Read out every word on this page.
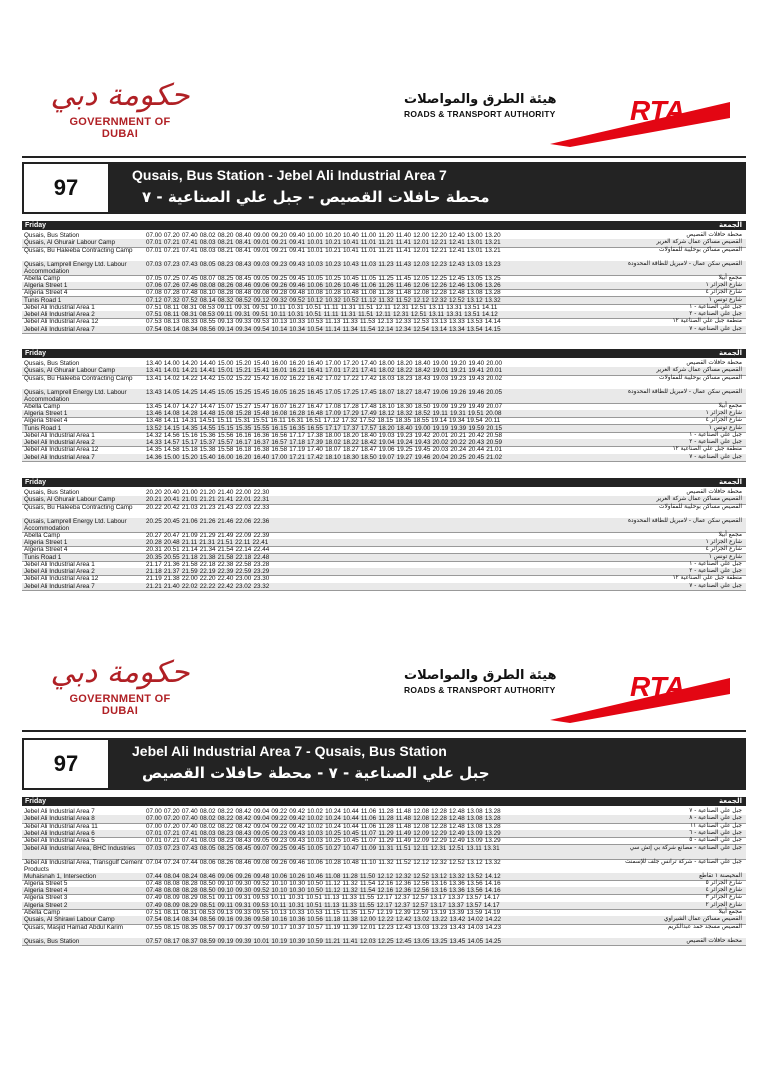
حكومة دبي
GOVERNMENT OF DUBAI
هيئة الطرق والمواصلات
ROADS & TRANSPORT AUTHORITY	RTA
97	Qusais, Bus Station - Jebel Ali Industrial Area 7
محطة حافلات القصيص - جبل علي الصناعية - ٧
Friday	الجمعة
Qusais, Bus Station	07.00 07.20 07.40 08.02 08.20 08.40 09.00 09.20 09.40 10.00 10.20 10.40 11.00 11.20 11.40 12.00 12.20 12.40 13.00 13.20	محطة حافلات القصيص
Qusais, Al Ghurair Labour Camp	07.01 07.21 07.41 08.03 08.21 08.41 09.01 09.21 09.41 10.01 10.21 10.41 11.01 11.21 11.41 12.01 12.21 12.41 13.01 13.21	القصيص مساكن عمال شركة الغرير
Qusais, Bu Haleeba Contracting Camp	07.01 07.21 07.41 08.03 08.21 08.41 09.01 09.21 09.41 10.01 10.21 10.41 11.01 11.21 11.41 12.01 12.21 12.41 13.01 13.21	القصيص مساكن بوحليبة للمقاولات
Qusais, Lamprell Energy Ltd. Labour Accommodation
07.03 07.23 07.43 08.05 08.23 08.43 09.03 09.23 09.43 10.03 10.23 10.43 11.03 11.23 11.43 12.03 12.23 12.43 13.03 13.23	القصيص سكن عمال - لامبريل للطاقة المحدودة
Abella Camp	07.05 07.25 07.45 08.07 08.25 08.45 09.05 09.25 09.45 10.05 10.25 10.45 11.05 11.25 11.45 12.05 12.25 12.45 13.05 13.25	مجمع أبيلا
Algeria Street 1	07.06 07.26 07.46 08.08 08.26 08.46 09.06 09.26 09.46 10.06 10.26 10.46 11.06 11.26 11.46 12.06 12.26 12.46 13.06 13.26	شارع الجزائر ١
Algeria Street 4	07.08 07.28 07.48 08.10 08.28 08.48 09.08 09.28 09.48 10.08 10.28 10.48 11.08 11.28 11.48 12.08 12.28 12.48 13.08 13.28	شارع الجزائر ٤
Tunis Road 1	07.12 07.32 07.52 08.14 08.32 08.52 09.12 09.32 09.52 10.12 10.32 10.52 11.12 11.32 11.52 12.12 12.32 12.52 13.12 13.32	شارع تونس ١
Jebel Ali Industrial Area 1	07.51 08.11 08.31 08.53 09.11 09.31 09.51 10.11 10.31 10.51 11.11 11.31 11.51 12.11 12.31 12.51 13.11 13.31 13.51 14.11	جبل علي الصناعية - ١
Jebel Ali Industrial Area 2	07.51 08.11 08.31 08.53 09.11 09.31 09.51 10.11 10.31 10.51 11.11 11.31 11.51 12.11 12.31 12.51 13.11 13.31 13.51 14.12	جبل علي الصناعية - ٢
Jebel Ali Industrial Area 12	07.53 08.13 08.33 08.55 09.13 09.33 09.53 10.13 10.33 10.53 11.13 11.33 11.53 12.13 12.33 12.53 13.13 13.33 13.53 14.14	منطقة جبل علي الصناعية ١٢
Jebel Ali Industrial Area 7	07.54 08.14 08.34 08.56 09.14 09.34 09.54 10.14 10.34 10.54 11.14 11.34 11.54 12.14 12.34 12.54 13.14 13.34 13.54 14.15	جبل علي الصناعية - ٧
Friday	الجمعة
Qusais, Bus Station	13.40 14.00 14.20 14.40 15.00 15.20 15.40 16.00 16.20 16.40 17.00 17.20 17.40 18.00 18.20 18.40 19.00 19.20 19.40 20.00	محطة حافلات القصيص
Qusais, Al Ghurair Labour Camp	13.41 14.01 14.21 14.41 15.01 15.21 15.41 16.01 16.21 16.41 17.01 17.21 17.41 18.02 18.22 18.42 19.01 19.21 19.41 20.01	القصيص مساكن عمال شركة الغرير
Qusais, Bu Haleeba Contracting Camp	13.41 14.02 14.22 14.42 15.02 15.22 15.42 16.02 16.22 16.42 17.02 17.22 17.42 18.03 18.23 18.43 19.03 19.23 19.43 20.02	القصيص مساكن بوحليبة للمقاولات
Qusais, Lamprell Energy Ltd. Labour Accommodation
13.43 14.05 14.25 14.45 15.05 15.25 15.45 16.05 16.25 16.45 17.05 17.25 17.45 18.07 18.27 18.47 19.06 19.26 19.46 20.05	القصيص سكن عمال - لامبريل للطاقة المحدودة
Abella Camp	13.45 14.07 14.27 14.47 15.07 15.27 15.47 16.07 16.27 16.47 17.08 17.28 17.48 18.10 18.30 18.50 19.09 19.29 19.49 20.07	مجمع أبيلا
Algeria Street 1	13.46 14.08 14.28 14.48 15.08 15.28 15.48 16.08 16.28 16.48 17.09 17.29 17.49 18.12 18.32 18.52 19.11 19.31 19.51 20.08	شارع الجزائر ١
Algeria Street 4	13.48 14.11 14.31 14.51 15.11 15.31 15.51 16.11 16.31 16.51 17.12 17.32 17.52 18.15 18.35 18.55 19.14 19.34 19.54 20.11	شارع الجزائر ٤
Tunis Road 1	13.52 14.15 14.35 14.55 15.15 15.35 15.55 16.15 16.35 16.55 17.17 17.37 17.57 18.20 18.40 19.00 19.19 19.39 19.59 20.15	شارع تونس ١
Jebel Ali Industrial Area 1	14.32 14.56 15.16 15.36 15.56 16.16 16.36 16.56 17.17 17.38 18.00 18.20 18.40 19.03 19.23 19.42 20.01 20.21 20.42 20.58	جبل علي الصناعية - ١
Jebel Ali Industrial Area 2	14.33 14.57 15.17 15.37 15.57 16.17 16.37 16.57 17.18 17.39 18.02 18.22 18.42 19.04 19.24 19.43 20.02 20.22 20.43 20.59	جبل علي الصناعية - ٢
Jebel Ali Industrial Area 12	14.35 14.58 15.18 15.38 15.58 16.18 16.38 16.58 17.19 17.40 18.07 18.27 18.47 19.06 19.25 19.45 20.03 20.24 20.44 21.01	منطقة جبل علي الصناعية ١٢
Jebel Ali Industrial Area 7	14.36 15.00 15.20 15.40 16.00 16.20 16.40 17.00 17.21 17.42 18.10 18.30 18.50 19.07 19.27 19.46 20.04 20.25 20.45 21.02	جبل علي الصناعية - ٧
Friday	الجمعة
Qusais, Bus Station	20.20 20.40 21.00 21.20 21.40 22.00 22.30	محطة حافلات القصيص
Qusais, Al Ghurair Labour Camp	20.21 20.41 21.01 21.21 21.41 22.01 22.31	القصيص مساكن عمال شركة الغرير
Qusais, Bu Haleeba Contracting Camp	20.22 20.42 21.03 21.23 21.43 22.03 22.33	القصيص مساكن بوحليبة للمقاولات
Qusais, Lamprell Energy Ltd. Labour Accommodation
20.25 20.45 21.06 21.26 21.46 22.06 22.36	القصيص سكن عمال - لامبريل للطاقة المحدودة
Abella Camp	20.27 20.47 21.09 21.29 21.49 22.09 22.39	مجمع أبيلا
Algeria Street 1	20.28 20.48 21.11 21.31 21.51 22.11 22.41	شارع الجزائر ١
Algeria Street 4	20.31 20.51 21.14 21.34 21.54 22.14 22.44	شارع الجزائر ٤
Tunis Road 1	20.35 20.55 21.18 21.38 21.58 22.18 22.48	شارع تونس ١
Jebel Ali Industrial Area 1	21.17 21.36 21.58 22.18 22.38 22.58 23.28	جبل علي الصناعية - ١
Jebel Ali Industrial Area 2	21.18 21.37 21.59 22.19 22.39 22.59 23.29	جبل علي الصناعية - ٢
Jebel Ali Industrial Area 12	21.19 21.38 22.00 22.20 22.40 23.00 23.30	منطقة جبل علي الصناعية ١٢
Jebel Ali Industrial Area 7	21.21 21.40 22.02 22.22 22.42 23.02 23.32	جبل علي الصناعية - ٧
حكومة دبي
GOVERNMENT OF DUBAI
هيئة الطرق والمواصلات
ROADS & TRANSPORT AUTHORITY	RTA
97	Jebel Ali Industrial Area 7 - Qusais, Bus Station
جبل علي الصناعية - ٧ - محطة حافلات القصيص
Friday	الجمعة
Jebel Ali Industrial Area 7	07.00 07.20 07.40 08.02 08.22 08.42 09.04 09.22 09.42 10.02 10.24 10.44 11.06 11.28 11.48 12.08 12.28 12.48 13.08 13.28	جبل علي الصناعية - ٧
Jebel Ali Industrial Area 8	07.00 07.20 07.40 08.02 08.22 08.42 09.04 09.22 09.42 10.02 10.24 10.44 11.06 11.28 11.48 12.08 12.28 12.48 13.08 13.28	جبل علي الصناعية - ٨
Jebel Ali Industrial Area 11	07.00 07.20 07.40 08.02 08.22 08.42 09.04 09.22 09.42 10.02 10.24 10.44 11.06 11.28 11.48 12.08 12.28 12.48 13.08 13.28	جبل علي الصناعية ١١
Jebel Ali Industrial Area 6	07.01 07.21 07.41 08.03 08.23 08.43 09.05 09.23 09.43 10.03 10.25 10.45 11.07 11.29 11.49 12.09 12.29 12.49 13.09 13.29	جبل علي الصناعية - ٦
Jebel Ali Industrial Area 5	07.01 07.21 07.41 08.03 08.23 08.43 09.05 09.23 09.43 10.03 10.25 10.45 11.07 11.29 11.49 12.09 12.29 12.49 13.09 13.29	جبل علي الصناعية - ٥
Jebel Ali Industrial Area, BHC Industries	07.03 07.23 07.43 08.05 08.25 08.45 09.07 09.25 09.45 10.05 10.27 10.47 11.09 11.31 11.51 12.11 12.31 12.51 13.11 13.31	جبل علي الصناعية - مصانع شركة بي إتش سي
Jebel Ali Industrial Area, Transgulf Cement Products
07.04 07.24 07.44 08.06 08.26 08.46 09.08 09.26 09.46 10.06 10.28 10.48 11.10 11.32 11.52 12.12 12.32 12.52 13.12 13.32	جبل علي الصناعية - شركة ترانس جلف للإسمنت
Muhaisnah 1, Intersection	07.44 08.04 08.24 08.46 09.06 09.26 09.48 10.06 10.26 10.46 11.08 11.28 11.50 12.12 12.32 12.52 13.12 13.32 13.52 14.12	المحيصنة ١ تقاطع
Algeria Street 5	07.48 08.08 08.28 08.50 09.10 09.30 09.52 10.10 10.30 10.50 11.12 11.32 11.54 12.16 12.36 12.56 13.16 13.36 13.56 14.16	شارع الجزائر ٥
Algeria Street 4	07.48 08.08 08.28 08.50 09.10 09.30 09.52 10.10 10.30 10.50 11.12 11.32 11.54 12.16 12.36 12.56 13.16 13.36 13.56 14.16	شارع الجزائر ٤
Algeria Street 3	07.49 08.09 08.29 08.51 09.11 09.31 09.53 10.11 10.31 10.51 11.13 11.33 11.55 12.17 12.37 12.57 13.17 13.37 13.57 14.17	شارع الجزائر ٣
Algeria Street 2	07.49 08.09 08.29 08.51 09.11 09.31 09.53 10.11 10.31 10.51 11.13 11.33 11.55 12.17 12.37 12.57 13.17 13.37 13.57 14.17	شارع الجزائر ٢
Abella Camp	07.51 08.11 08.31 08.53 09.13 09.33 09.55 10.13 10.33 10.53 11.15 11.35 11.57 12.19 12.39 12.59 13.19 13.39 13.59 14.19	مجمع أبيلا
Qusais, Al Shirawi Labour Camp	07.54 08.14 08.34 08.56 09.16 09.36 09.58 10.16 10.36 10.56 11.18 11.38 12.00 12.22 12.42 13.02 13.22 13.42 14.02 14.22	القصيص مساكن عمال الشيراوي
Qusais, Masjid Hamad Abdul Karim	07.55 08.15 08.35 08.57 09.17 09.37 09.59 10.17 10.37 10.57 11.19 11.39 12.01 12.23 12.43 13.03 13.23 13.43 14.03 14.23	القصيص مسجد حمد عبدالكريم
Qusais, Bus Station	07.57 08.17 08.37 08.59 09.19 09.39 10.01 10.19 10.39 10.59 11.21 11.41 12.03 12.25 12.45 13.05 13.25 13.45 14.05 14.25	محطة حافلات القصيص
